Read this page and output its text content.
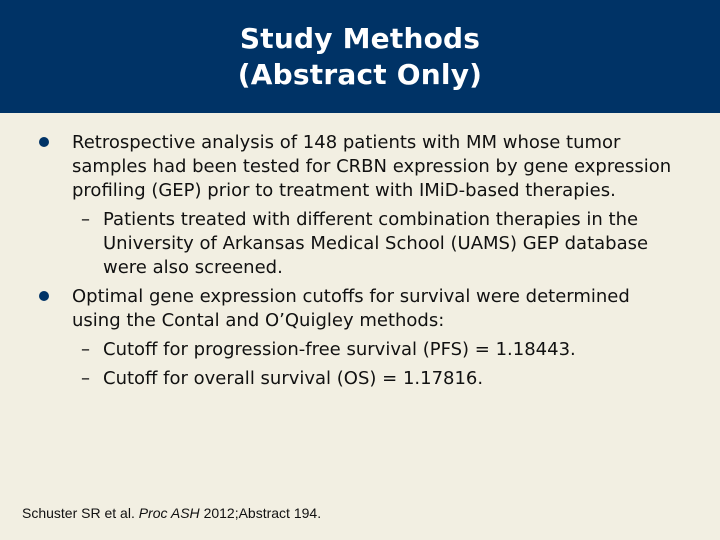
Study Methods
(Abstract Only)
Retrospective analysis of 148 patients with MM whose tumor samples had been tested for CRBN expression by gene expression profiling (GEP) prior to treatment with IMiD-based therapies.
– Patients treated with different combination therapies in the University of Arkansas Medical School (UAMS) GEP database were also screened.
Optimal gene expression cutoffs for survival were determined using the Contal and O’Quigley methods:
– Cutoff for progression-free survival (PFS) = 1.18443.
– Cutoff for overall survival (OS) = 1.17816.
Schuster SR et al. Proc ASH 2012;Abstract 194.
